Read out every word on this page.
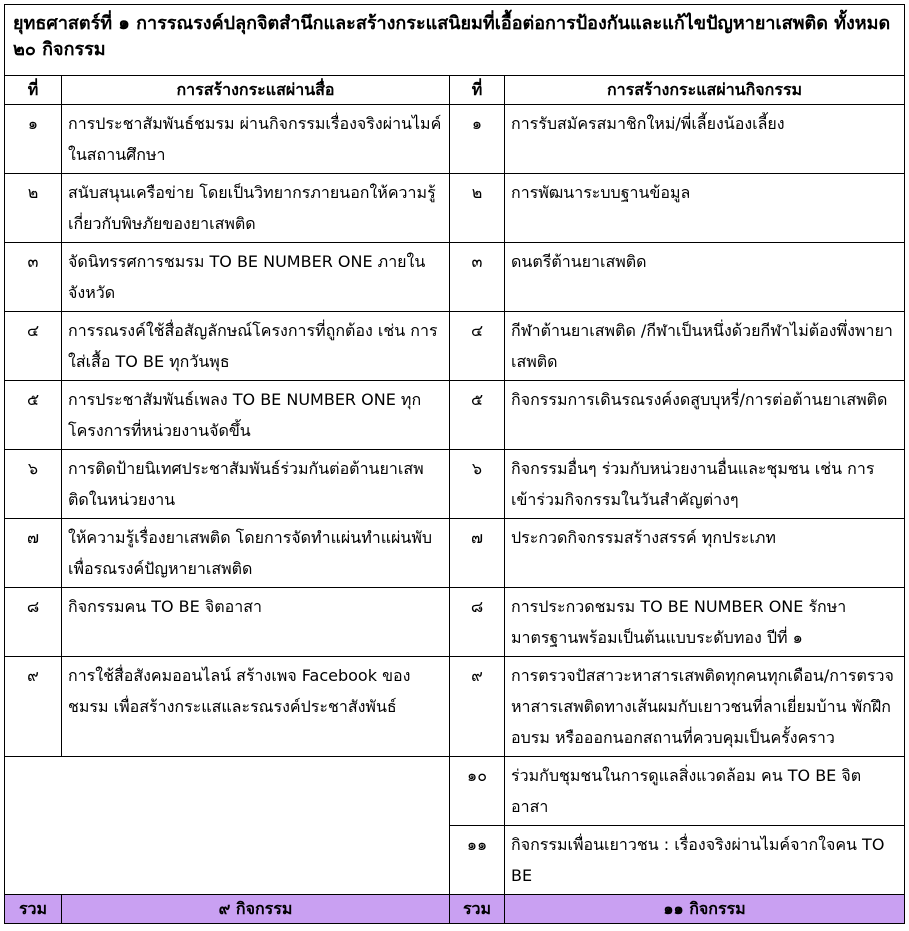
ยุทธศาสตร์ที่ ๑ การรณรงค์ปลุกจิตสำนึกและสร้างกระแสนิยมที่เอื้อต่อการป้องกันและแก้ไขปัญหายาเสพติด ทั้งหมด ๒๐ กิจกรรม			
ที่	การสร้างกระแสผ่านสื่อ	ที่	การสร้างกระแสผ่านกิจกรรม
๑	การประชาสัมพันธ์ชมรม ผ่านกิจกรรมเรื่องจริงผ่านไมค์ ในสถานศึกษา	๑	การรับสมัครสมาชิกใหม่/พี่เลี้ยงน้องเลี้ยง
๒	สนับสนุนเครือข่าย โดยเป็นวิทยากรภายนอกให้ความรู้เกี่ยวกับพิษภัยของยาเสพติด	๒	การพัฒนาระบบฐานข้อมูล
๓	จัดนิทรรศการชมรม TO BE NUMBER ONE ภายในจังหวัด	๓	ดนตรีต้านยาเสพติด
๔	การรณรงค์ใช้สื่อสัญลักษณ์โครงการที่ถูกต้อง เช่น การใส่เสื้อ TO BE ทุกวันพุธ	๔	กีฬาต้านยาเสพติด /กีฬาเป็นหนึ่งด้วยกีฬาไม่ต้องพึ่งพายาเสพติด
๕	การประชาสัมพันธ์เพลง TO BE NUMBER ONE ทุกโครงการที่หน่วยงานจัดขึ้น	๕	กิจกรรมการเดินรณรงค์งดสูบบุหรี่/การต่อต้านยาเสพติด
๖	การติดป้ายนิเทศประชาสัมพันธ์ร่วมกันต่อต้านยาเสพติดในหน่วยงาน	๖	กิจกรรมอื่นๆ ร่วมกับหน่วยงานอื่นและชุมชน เช่น การเข้าร่วมกิจกรรมในวันสำคัญต่างๆ
๗	ให้ความรู้เรื่องยาเสพติด โดยการจัดทำแผ่นทำแผ่นพับ เพื่อรณรงค์ปัญหายาเสพติด	๗	ประกวดกิจกรรมสร้างสรรค์ ทุกประเภท
๘	กิจกรรมคน TO BE จิตอาสา	๘	การประกวดชมรม TO BE NUMBER ONE รักษามาตรฐานพร้อมเป็นต้นแบบระดับทอง ปีที่ ๑
๙	การใช้สื่อสังคมออนไลน์ สร้างเพจ Facebook ของชมรม เพื่อสร้างกระแสและรณรงค์ประชาสังพันธ์	๙	การตรวจปัสสาวะหาสารเสพติดทุกคนทุกเดือน/การตรวจหาสารเสพติดทางเส้นผมกับเยาวชนที่ลาเยี่ยมบ้าน พักฝึกอบรม หรือออกนอกสถานที่ควบคุมเป็นครั้งคราว
		๑๐	ร่วมกับชุมชนในการดูแลสิ่งแวดล้อม คน TO BE จิตอาสา
		๑๑	กิจกรรมเพื่อนเยาวชน : เรื่องจริงผ่านไมค์จากใจคน TO BE
รวม	๙ กิจกรรม	รวม	๑๑ กิจกรรม
